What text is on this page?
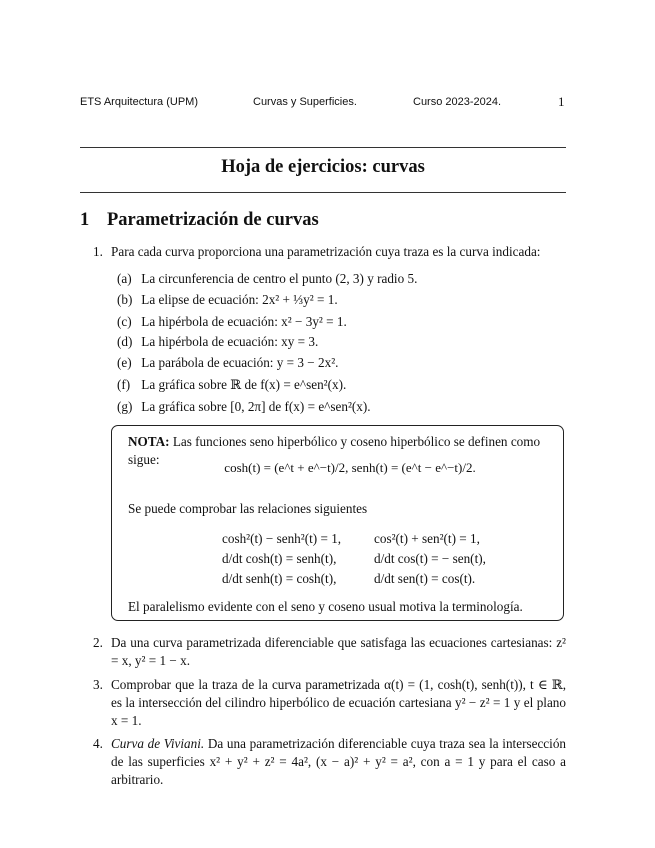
ETS Arquitectura (UPM)	Curvas y Superficies.	Curso 2023-2024.	1
Hoja de ejercicios: curvas
1 Parametrización de curvas
1. Para cada curva proporciona una parametrización cuya traza es la curva indicada:
(a) La circunferencia de centro el punto (2, 3) y radio 5.
(b) La elipse de ecuación: 2x² + ⅓y² = 1.
(c) La hipérbola de ecuación: x² − 3y² = 1.
(d) La hipérbola de ecuación: xy = 3.
(e) La parábola de ecuación: y = 3 − 2x².
(f) La gráfica sobre ℝ de f(x) = e^sen²(x).
(g) La gráfica sobre [0, 2π] de f(x) = e^sen²(x).
NOTA: Las funciones seno hiperbólico y coseno hiperbólico se definen como sigue:
cosh(t) = (e^t + e^−t)/2, senh(t) = (e^t − e^−t)/2.
Se puede comprobar las relaciones siguientes
cosh²(t) − senh²(t) = 1, cos²(t) + sen²(t) = 1,
d/dt cosh(t) = senh(t),	d/dt cos(t) = − sen(t),
d/dt senh(t) = cosh(t),	d/dt sen(t) = cos(t).
El paralelismo evidente con el seno y coseno usual motiva la terminología.
2. Da una curva parametrizada diferenciable que satisfaga las ecuaciones cartesianas: z² = x, y² = 1 − x.
3. Comprobar que la traza de la curva parametrizada α(t) = (1, cosh(t), senh(t)), t ∈ ℝ, es la intersección del cilindro hiperbólico de ecuación cartesiana y² − z² = 1 y el plano x = 1.
4. Curva de Viviani. Da una parametrización diferenciable cuya traza sea la intersección de las superficies x² + y² + z² = 4a², (x − a)² + y² = a², con a = 1 y para el caso a arbitrario.
